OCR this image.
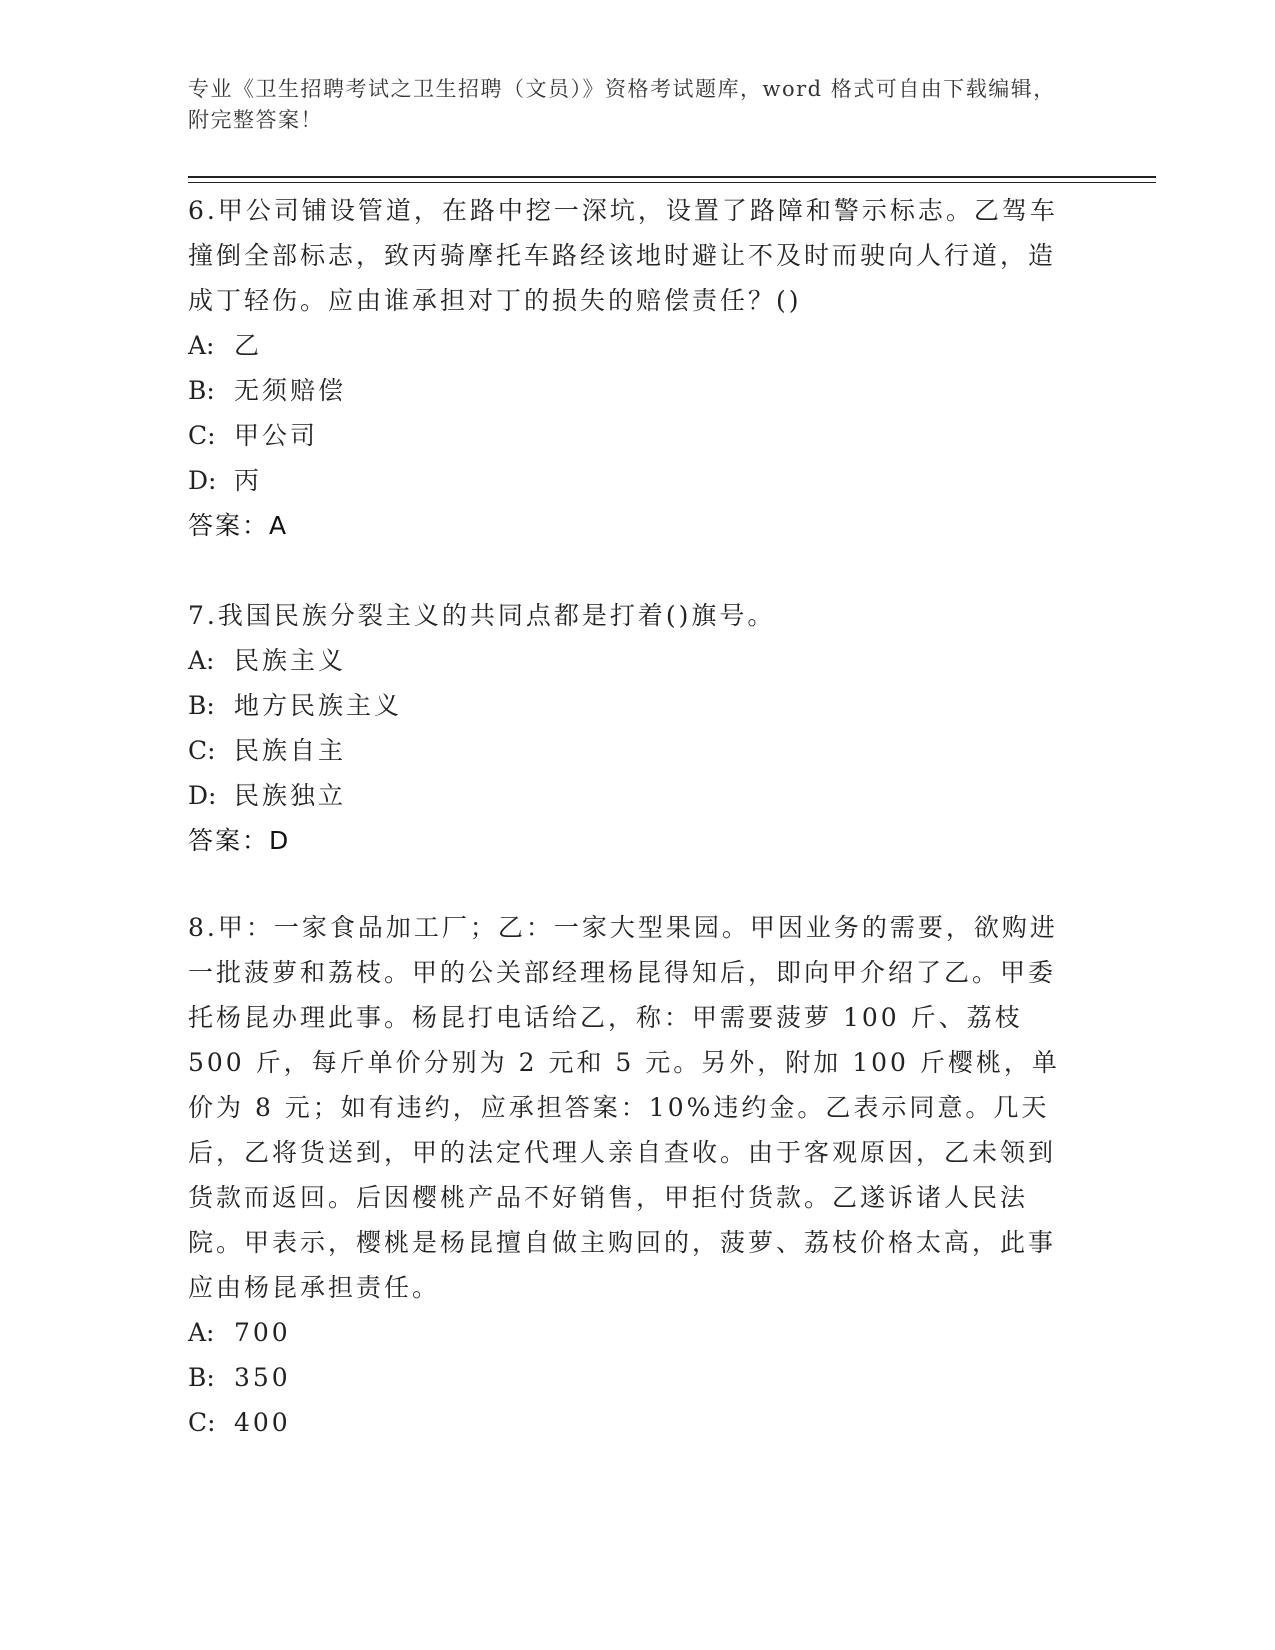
专业《卫生招聘考试之卫生招聘（文员）》资格考试题库，word 格式可自由下载编辑，附完整答案！

6.甲公司铺设管道，在路中挖一深坑，设置了路障和警示标志。乙驾车撞倒全部标志，致丙骑摩托车路经该地时避让不及时而驶向人行道，造成丁轻伤。应由谁承担对丁的损失的赔偿责任？()

A: 乙

B: 无须赔偿

C: 甲公司

D: 丙

答案：A

7.我国民族分裂主义的共同点都是打着()旗号。

A: 民族主义

B: 地方民族主义

C: 民族自主

D: 民族独立

答案：D

8.甲：一家食品加工厂；乙：一家大型果园。甲因业务的需要，欲购进一批菠萝和荔枝。甲的公关部经理杨昆得知后，即向甲介绍了乙。甲委托杨昆办理此事。杨昆打电话给乙，称：甲需要菠萝 100 斤、荔枝 500 斤，每斤单价分别为 2 元和 5 元。另外，附加 100 斤樱桃，单价为 8 元；如有违约，应承担答案：10%违约金。乙表示同意。几天后，乙将货送到，甲的法定代理人亲自查收。由于客观原因，乙未领到货款而返回。后因樱桃产品不好销售，甲拒付货款。乙遂诉诸人民法院。甲表示，樱桃是杨昆擅自做主购回的，菠萝、荔枝价格太高，此事应由杨昆承担责任。

A: 700

B: 350

C: 400
